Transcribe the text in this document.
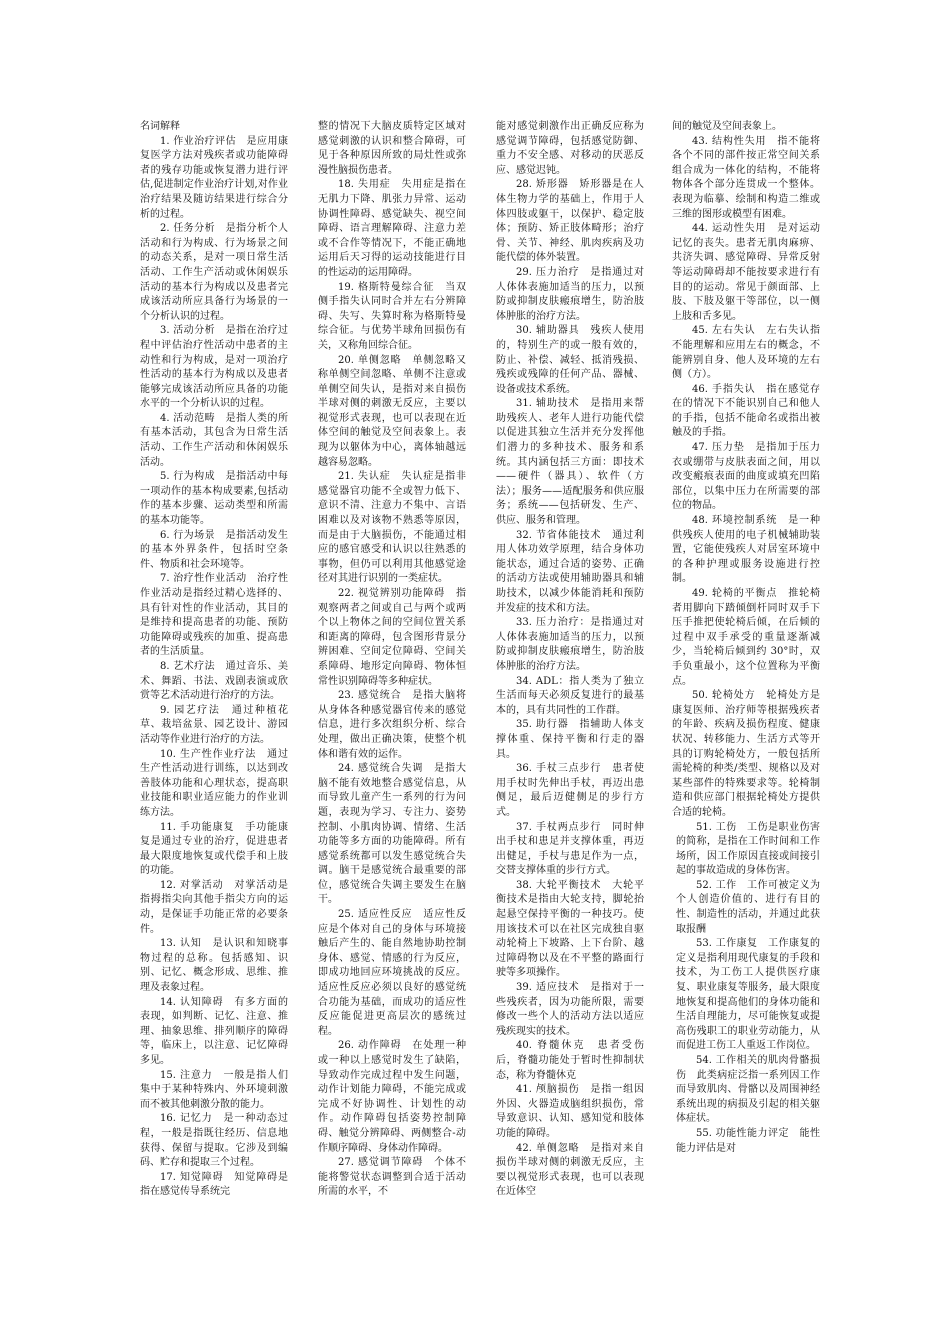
名词解释

1. 作业治疗评估　是应用康复医学方法对残疾者或功能障碍者的残存功能或恢复潜力进行评估,促进制定作业治疗计划,对作业治疗结果及随访结果进行综合分析的过程。

2. 任务分析　是指分析个人活动和行为构成、行为场景之间的动态关系，是对一项日常生活活动、工作生产活动或休闲娱乐活动的基本行为构成以及患者完成该活动所应具备行为场景的一个分析认识的过程。

3. 活动分析　是指在治疗过程中评估治疗性活动中患者的主动性和行为构成，是对一项治疗性活动的基本行为构成以及患者能够完成该活动所应具备的功能水平的一个分析认识的过程。

4. 活动范畴　是指人类的所有基本活动，其包含为日常生活活动、工作生产活动和休闲娱乐活动。

5. 行为构成　是指活动中每一项动作的基本构成要素,包括动作的基本步骤、运动类型和所需的基本功能等。

6. 行为场景　是指活动发生的基本外界条件，包括时空条件、物质和社会环境等。

7. 治疗性作业活动　治疗性作业活动是指经过精心选择的、具有针对性的作业活动，其目的是维持和提高患者的功能、预防功能障碍或残疾的加重、提高患者的生活质量。

8. 艺术疗法　通过音乐、美术、舞蹈、书法、戏剧表演或欣赏等艺术活动进行治疗的方法。

9. 园艺疗法　通过种植花草、栽培盆景、园艺设计、游园活动等作业进行治疗的方法。

10. 生产性作业疗法　通过生产性活动进行训练，以达到改善肢体功能和心理状态，提高职业技能和职业适应能力的作业训练方法。

11. 手功能康复　手功能康复是通过专业的治疗，促进患者最大限度地恢复或代偿手和上肢的功能。

12. 对掌活动　对掌活动是指拇指尖向其他手指尖方向的运动，是保证手功能正常的必要条件。

13. 认知　是认识和知晓事物过程的总称。包括感知、识别、记忆、概念形成、思维、推理及表象过程。

14. 认知障碍　有多方面的表现，如判断、记忆、注意、推理、抽象思维、排列顺序的障碍等，临床上，以注意、记忆障碍多见。

15. 注意力　一般是指人们集中于某种特殊内、外环境刺激而不被其他刺激分散的能力。

16. 记忆力　是一种动态过程，一般是指既往经历、信息地获得、保留与提取。它涉及到编码、贮存和提取三个过程。

17. 知觉障碍　知觉障碍是指在感觉传导系统完

整的情况下大脑皮质特定区域对感觉刺激的认识和整合障碍，可见于各种原因所致的局灶性或弥漫性脑损伤患者。

18. 失用症　失用症是指在无肌力下降、肌张力异常、运动协调性障碍、感觉缺失、视空间障碍、语言理解障碍、注意力差或不合作等情况下，不能正确地运用后天习得的运动技能进行目的性运动的运用障碍。

19. 格斯特曼综合征　当双侧手指失认同时合并左右分辨障碍、失写、失算时称为格斯特曼综合征。与优势半球角回损伤有关，又称角回综合征。

20. 单侧忽略　单侧忽略又称单侧空间忽略、单侧不注意或单侧空间失认，是指对来自损伤半球对侧的刺激无反应，主要以视觉形式表现，也可以表现在近体空间的触觉及空间表象上。表现为以躯体为中心，离体轴越远越容易忽略。

21. 失认症　失认症是指非感觉器官功能不全或智力低下、意识不清、注意力不集中、言语困难以及对该物不熟悉等原因，而是由于大脑损伤，不能通过相应的感官感受和认识以往熟悉的事物，但仍可以利用其他感觉途径对其进行识别的一类症状。

22. 视觉辨别功能障碍　指观察两者之间或自己与两个或两个以上物体之间的空间位置关系和距离的障碍，包含图形背景分辨困难、空间定位障碍、空间关系障碍、地形定向障碍、物体恒常性识别障碍等多种症状。

23. 感觉统合　是指大脑将从身体各种感觉器官传来的感觉信息，进行多次组织分析、综合处理，做出正确决策，使整个机体和谐有效的运作。

24. 感觉统合失调　是指大脑不能有效地整合感觉信息，从而导致儿童产生一系列的行为问题，表现为学习、专注力、姿势控制、小肌肉协调、情绪、生活功能等多方面的功能障碍。所有感觉系统都可以发生感觉统合失调。脑干是感觉统合最重要的部位，感觉统合失调主要发生在脑干。

25. 适应性反应　适应性反应是个体对自己的身体与环境接触后产生的、能自然地协助控制身体、感觉、情感的行为反应，即成功地回应环境挑战的反应。适应性反应必须以良好的感觉统合功能为基础，而成功的适应性反应能促进更高层次的感统过程。

26. 动作障碍　在处理一种或一种以上感觉时发生了缺陷，导致动作完成过程中发生问题，动作计划能力障碍，不能完成或完成不好协调性、计划性的动作。动作障碍包括姿势控制障碍、触觉分辨障碍、两侧整合-动作顺序障碍、身体动作障碍。

27. 感觉调节障碍　个体不能将警觉状态调整到合适于活动所需的水平，不

能对感觉刺激作出正确反应称为感觉调节障碍，包括感觉防御、重力不安全感、对移动的厌恶反应、感觉迟钝。

28. 矫形器　矫形器是在人体生物力学的基础上，作用于人体四肢或躯干，以保护、稳定肢体；预防、矫正肢体畸形；治疗骨、关节、神经、肌肉疾病及功能代偿的体外装置。

29. 压力治疗　是指通过对人体体表施加适当的压力，以预防或抑制皮肤瘢痕增生，防治肢体肿胀的治疗方法。

30. 辅助器具　残疾人使用的，特别生产的或一般有效的，防止、补偿、减轻、抵消残损、残疾或残障的任何产品、器械、设备或技术系统。

31. 辅助技术　是指用来帮助残疾人、老年人进行功能代偿以促进其独立生活并充分发挥他们潜力的多种技术、服务和系统。其内涵包括三方面：即技术——硬件（器具）、软件（方法）；服务——适配服务和供应服务；系统——包括研发、生产、供应、服务和管理。

32. 节省体能技术　通过利用人体功效学原理，结合身体功能状态，通过合适的姿势、正确的活动方法或使用辅助器具和辅助技术，以减少体能消耗和预防并发症的技术和方法。

33. 压力治疗：是指通过对人体体表施加适当的压力，以预防或抑制皮肤瘢痕增生，防治肢体肿胀的治疗方法。

34. ADL：指人类为了独立生活而每天必须反复进行的最基本的，具有共同性的工作群。

35. 助行器　指辅助人体支撑体重、保持平衡和行走的器具。

36. 手杖三点步行　患者使用手杖时先伸出手杖，再迈出患侧足，最后迈健侧足的步行方式。

37. 手杖两点步行　同时伸出手杖和患足并支撑体重，再迈出健足，手杖与患足作为一点，交替支撑体重的步行方式。

38. 大轮平衡技术　大轮平衡技术是指由大轮支持，脚轮抬起悬空保持平衡的一种技巧。使用该技术可以在社区完成独自驱动轮椅上下坡路、上下台阶、越过障碍物以及在不平整的路面行驶等多项操作。

39. 适应技术　是指对于一些残疾者，因为功能所限，需要修改一些个人的活动方法以适应残疾现实的技术。

40. 脊髓休克　患者受伤后，脊髓功能处于暂时性抑制状态，称为脊髓休克

41. 颅脑损伤　是指一组因外因、火器造成脑组织损伤，常导致意识、认知、感知觉和肢体功能的障碍。

42. 单侧忽略　是指对来自损伤半球对侧的刺激无反应，主要以视觉形式表现，也可以表现在近体空

间的触觉及空间表象上。

43. 结构性失用　指不能将各个不同的部件按正常空间关系组合成为一体化的结构，不能将物体各个部分连贯成一个整体。表现为临摹、绘制和构造二维或三维的图形或模型有困难。

44. 运动性失用　是对运动记忆的丧失。患者无肌肉麻痹、共济失调、感觉障碍、异常反射等运动障碍却不能按要求进行有目的的运动。常见于颜面部、上肢、下肢及躯干等部位，以一侧上肢和舌多见。

45. 左右失认　左右失认指不能理解和应用左右的概念，不能辨别自身、他人及环境的左右侧（方）。

46. 手指失认　指在感觉存在的情况下不能识别自己和他人的手指，包括不能命名或指出被触及的手指。

47. 压力垫　是指加于压力衣或绷带与皮肤表面之间，用以改变瘢痕表面的曲度或填充凹陷部位，以集中压力在所需要的部位的物品。

48. 环境控制系统　是一种供残疾人使用的电子机械辅助装置，它能使残疾人对居室环境中的各种护理或服务设施进行控制。

49. 轮椅的平衡点　推轮椅者用脚向下踏倾倒杆同时双手下压手推把使轮椅后倾，在后倾的过程中双手承受的重量逐渐减少，当轮椅后倾到约 30°时，双手负重最小，这个位置称为平衡点。

50. 轮椅处方　轮椅处方是康复医师、治疗师等根据残疾者的年龄、疾病及损伤程度、健康状况、转移能力、生活方式等开具的订购轮椅处方，一般包括所需轮椅的种类/类型、规格以及对某些部件的特殊要求等。轮椅制造和供应部门根据轮椅处方提供合适的轮椅。

51. 工伤　工伤是职业伤害的简称，是指在工作时间和工作场所，因工作原因直接或间接引起的事故造成的身体伤害。

52. 工作　工作可被定义为个人创造价值的、进行有目的性、制造性的活动，并通过此获取报酬

53. 工作康复　工作康复的定义是指利用现代康复的手段和技术，为工伤工人提供医疗康复、职业康复等服务，最大限度地恢复和提高他们的身体功能和生活自理能力，尽可能恢复或提高伤残职工的职业劳动能力，从而促进工伤工人重返工作岗位。

54. 工作相关的肌肉骨骼损伤　此类病症泛指一系列因工作而导致肌肉、骨骼以及周围神经系统出现的病损及引起的相关躯体症状。

55. 功能性能力评定　能性能力评估是对
